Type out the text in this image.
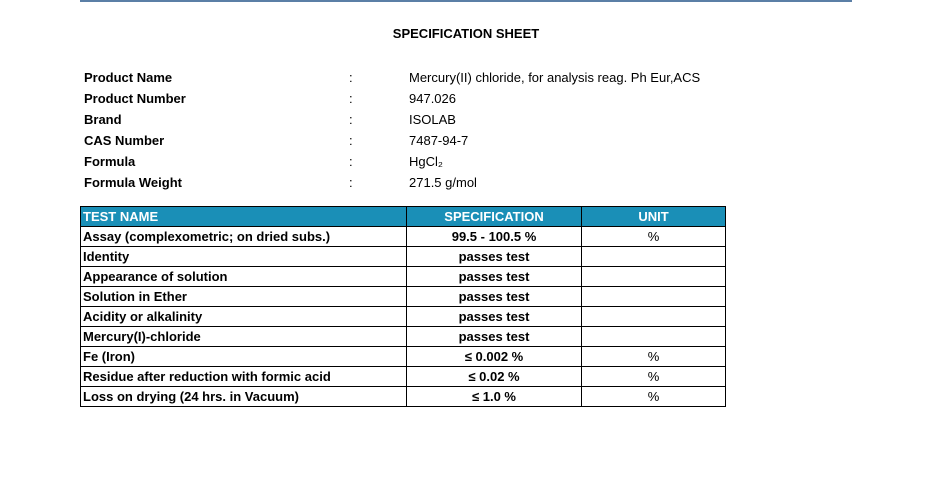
SPECIFICATION SHEET
Product Name	:	Mercury(II) chloride, for analysis reag. Ph Eur,ACS
Product Number	:	947.026
Brand	:	ISOLAB
CAS Number	:	7487-94-7
Formula	:	HgCl₂
Formula Weight	:	271.5 g/mol
TEST NAME	SPECIFICATION	UNIT
Assay (complexometric; on dried subs.)	99.5 - 100.5 %	%
Identity	passes test	
Appearance of solution	passes test	
Solution in Ether	passes test	
Acidity or alkalinity	passes test	
Mercury(I)-chloride	passes test	
Fe (Iron)	≤ 0.002 %	%
Residue after reduction with formic acid	≤ 0.02 %	%
Loss on drying (24 hrs. in Vacuum)	≤ 1.0 %	%
